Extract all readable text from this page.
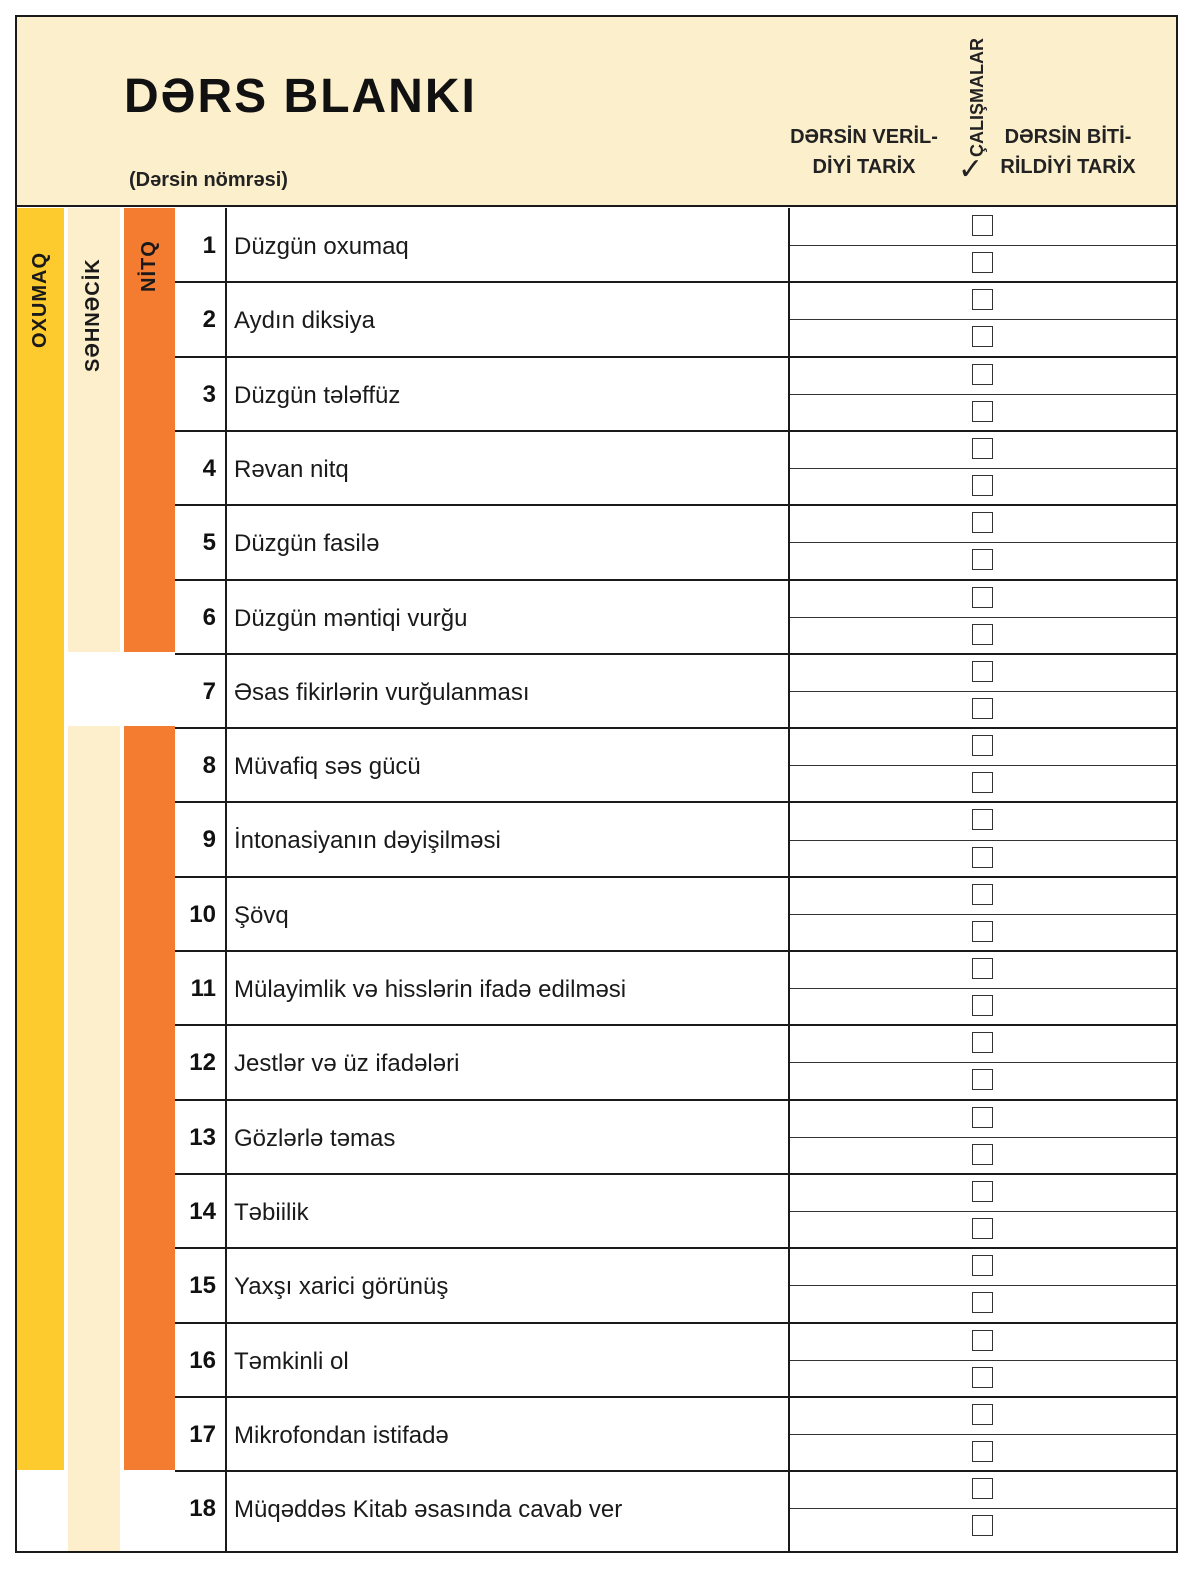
DƏRS BLANKI
(Dərsin nömrəsi)
DƏRSİN VERİL-
DİYİ TARİX
ÇALIŞMALAR
✓
DƏRSİN BİTİ-
RİLDİYİ TARİX
OXUMAQ SƏHNƏCİK NİTQ	1 Düzgün oxumaq
2 Aydın diksiya
3 Düzgün tələffüz
4 Rəvan nitq
5 Düzgün fasilə
6 Düzgün məntiqi vurğu
7 Əsas fikirlərin vurğulanması
8 Müvafiq səs gücü
9 İntonasiyanın dəyişilməsi
10 Şövq
11 Mülayimlik və hisslərin ifadə edilməsi
12 Jestlər və üz ifadələri
13 Gözlərlə təmas
14 Təbiilik
15 Yaxşı xarici görünüş
16 Təmkinli ol
17 Mikrofondan istifadə
18 Müqəddəs Kitab əsasında cavab ver
